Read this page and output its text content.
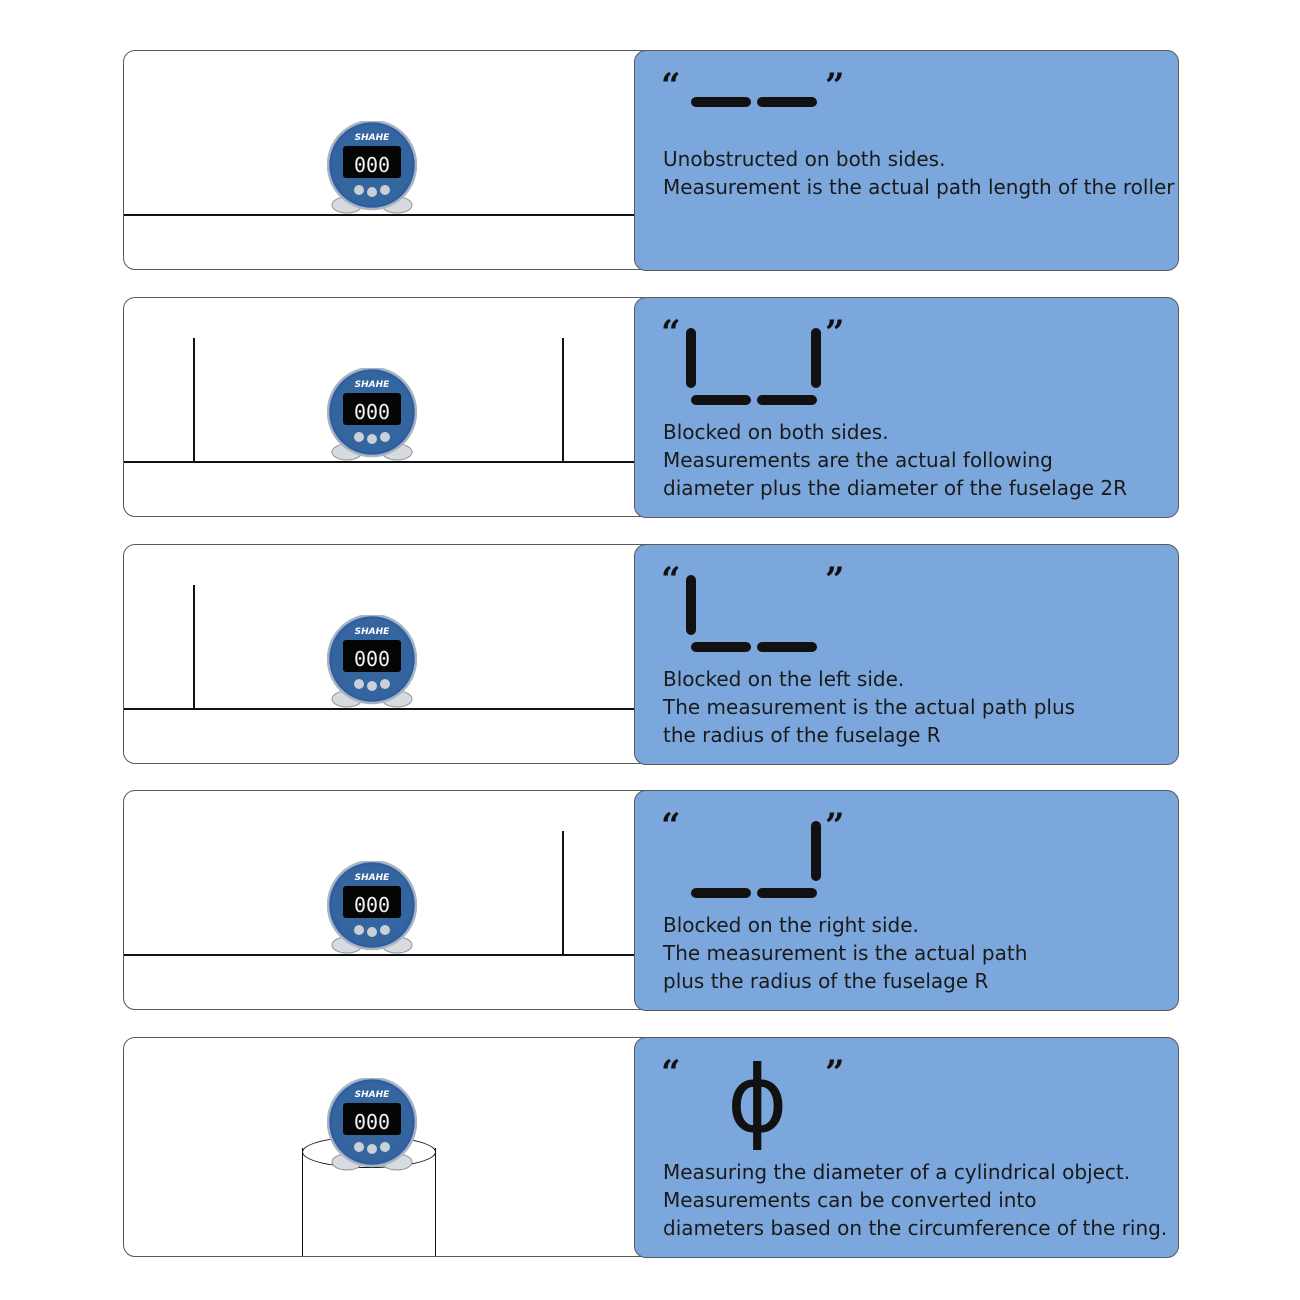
SHAHE
000
“	”
Unobstructed on both sides.
Measurement is the actual path length of the roller
SHAHE
000
“	”
Blocked on both sides.
Measurements are the actual following
diameter plus the diameter of the fuselage 2R
SHAHE
000
“	”
Blocked on the left side.
The measurement is the actual path plus
the radius of the fuselage R
SHAHE
000
“	”
Blocked on the right side.
The measurement is the actual path
plus the radius of the fuselage R
SHAHE
000
“ ϕ ”
Measuring the diameter of a cylindrical object.
Measurements can be converted into
diameters based on the circumference of the ring.
